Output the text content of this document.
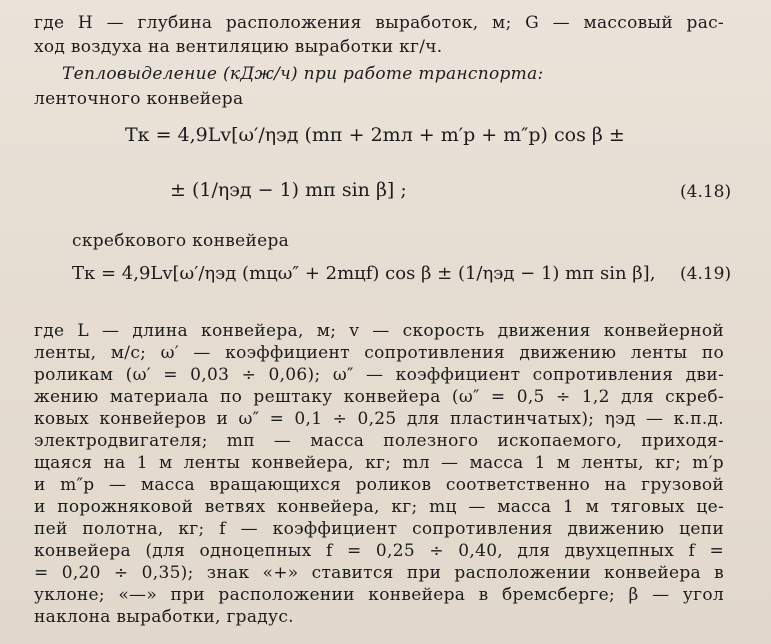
где H — глубина расположения выработок, м; G — массовый рас-
ход воздуха на вентиляцию выработки кг/ч.
Тепловыделение (кДж/ч) при работе транспорта:
ленточного конвейера
Tк = 4,9Lv[ω′/ηэд (mп + 2mл + m′р + m″р) cos β ±
± (1/ηэд − 1) mп sin β] ;	(4.18)
скребкового конвейера
Tк = 4,9Lv[ω′/ηэд (mцω″ + 2mцf) cos β ± (1/ηэд − 1) mп sin β], (4.19)
где L — длина конвейера, м; v — скорость движения конвейерной
ленты, м/с; ω′ — коэффициент сопротивления движению ленты по
роликам (ω′ = 0,03 ÷ 0,06); ω″ — коэффициент сопротивления дви-
жению материала по рештаку конвейера (ω″ = 0,5 ÷ 1,2 для скреб-
ковых конвейеров и ω″ = 0,1 ÷ 0,25 для пластинчатых); ηэд — к.п.д.
электродвигателя; mп — масса полезного ископаемого, приходя-
щаяся на 1 м ленты конвейера, кг; mл — масса 1 м ленты, кг; m′р
и m″р — масса вращающихся роликов соответственно на грузовой
и порожняковой ветвях конвейера, кг; mц — масса 1 м тяговых це-
пей полотна, кг; f — коэффициент сопротивления движению цепи
конвейера (для одноцепных f = 0,25 ÷ 0,40, для двухцепных f =
= 0,20 ÷ 0,35); знак «+» ставится при расположении конвейера в
уклоне; «—» при расположении конвейера в бремсберге; β — угол
наклона выработки, градус.
